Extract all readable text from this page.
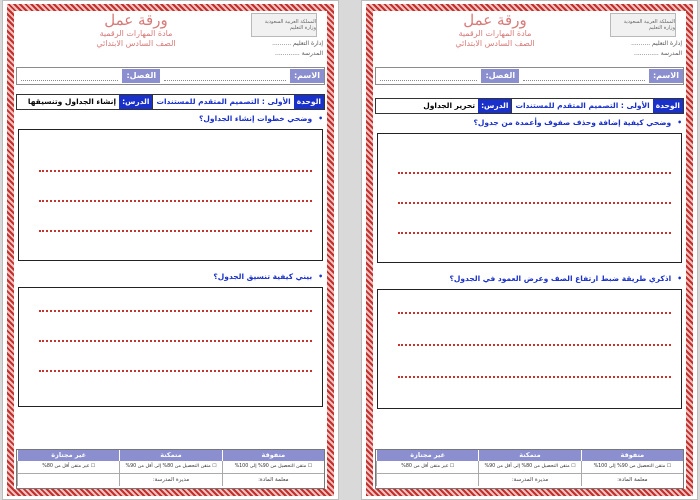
المملكة العربية السعودية وزارة التعليم
إدارة التعليم ..........
المدرسة .............
ورقة عمل
مادة المهارات الرقمية
الصف السادس الابتدائي
الاسم:
الفصل:
الوحدة
الأولى : التصميم المتقدم للمستندات
الدرس:
إنشاء الجداول وتنسيقها
• وضحي خطوات إنشاء الجداول؟
• بيني كيفية تنسيق الجدول؟
متفوقة
متمكنة
غير مجتازة
☐ متقن التحصيل من 90% إلى 100%
☐ متقن التحصيل من 80% إلى أقل من 90%
☐ غير متقن أقل من 80%
معلمة المادة:
مديرة المدرسة:
المملكة العربية السعودية وزارة التعليم
إدارة التعليم ..........
المدرسة .............
ورقة عمل
مادة المهارات الرقمية
الصف السادس الابتدائي
الاسم:
الفصل:
الوحدة
الأولى : التصميم المتقدم للمستندات
الدرس:
تحرير الجداول
• وضحي كيفية إضافة وحذف صفوف وأعمدة من جدول؟
• اذكري طريقة ضبط ارتفاع الصف وعرض العمود في الجدول؟
متفوقة
متمكنة
غير مجتازة
☐ متقن التحصيل من 90% إلى 100%
☐ متقن التحصيل من 80% إلى أقل من 90%
☐ غير متقن أقل من 80%
معلمة المادة:
مديرة المدرسة:
